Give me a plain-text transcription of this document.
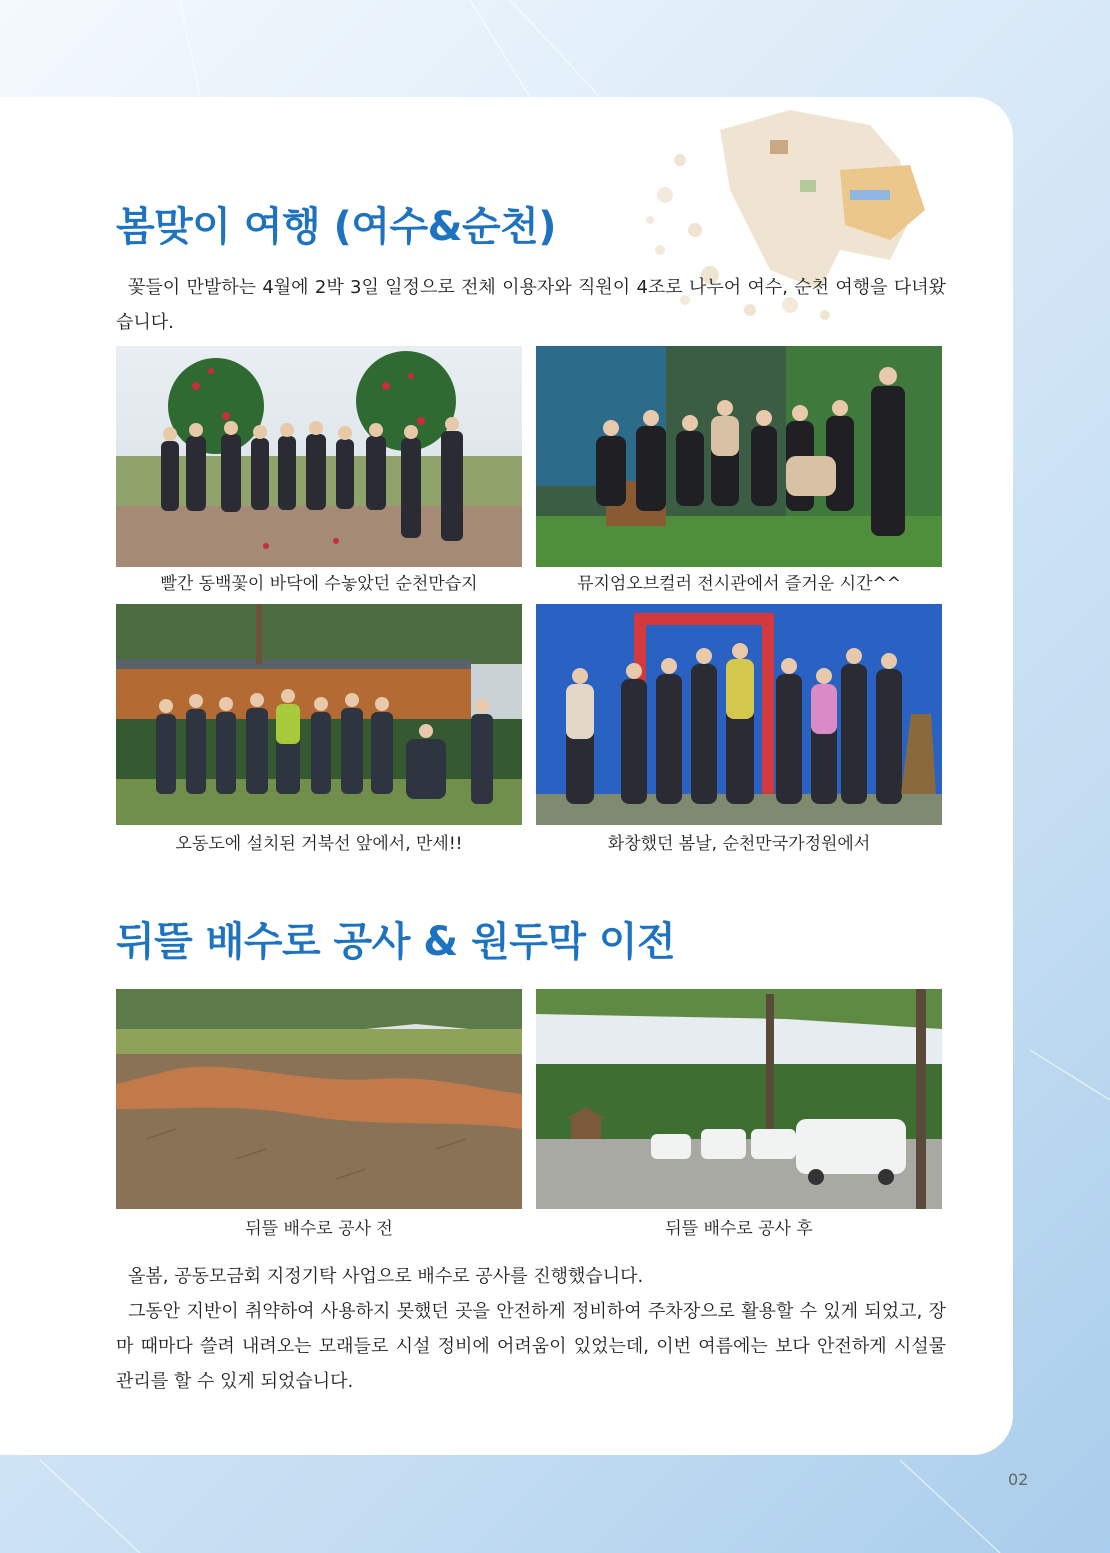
봄맞이 여행 (여수&순천)

꽃들이 만발하는 4월에 2박 3일 일정으로 전체 이용자와 직원이 4조로 나누어 여수, 순천 여행을 다녀왔습니다.

빨간 동백꽃이 바닥에 수놓았던 순천만습지	뮤지엄오브컬러 전시관에서 즐거운 시간^^
오동도에 설치된 거북선 앞에서, 만세!!	화창했던 봄날, 순천만국가정원에서
뒤뜰 배수로 공사 & 원두막 이전
뒤뜰 배수로 공사 전	뒤뜰 배수로 공사 후

올봄, 공동모금회 지정기탁 사업으로 배수로 공사를 진행했습니다.

그동안 지반이 취약하여 사용하지 못했던 곳을 안전하게 정비하여 주차장으로 활용할 수 있게 되었고, 장마 때마다 쓸려 내려오는 모래들로 시설 정비에 어려움이 있었는데, 이번 여름에는 보다 안전하게 시설물 관리를 할 수 있게 되었습니다.

02
